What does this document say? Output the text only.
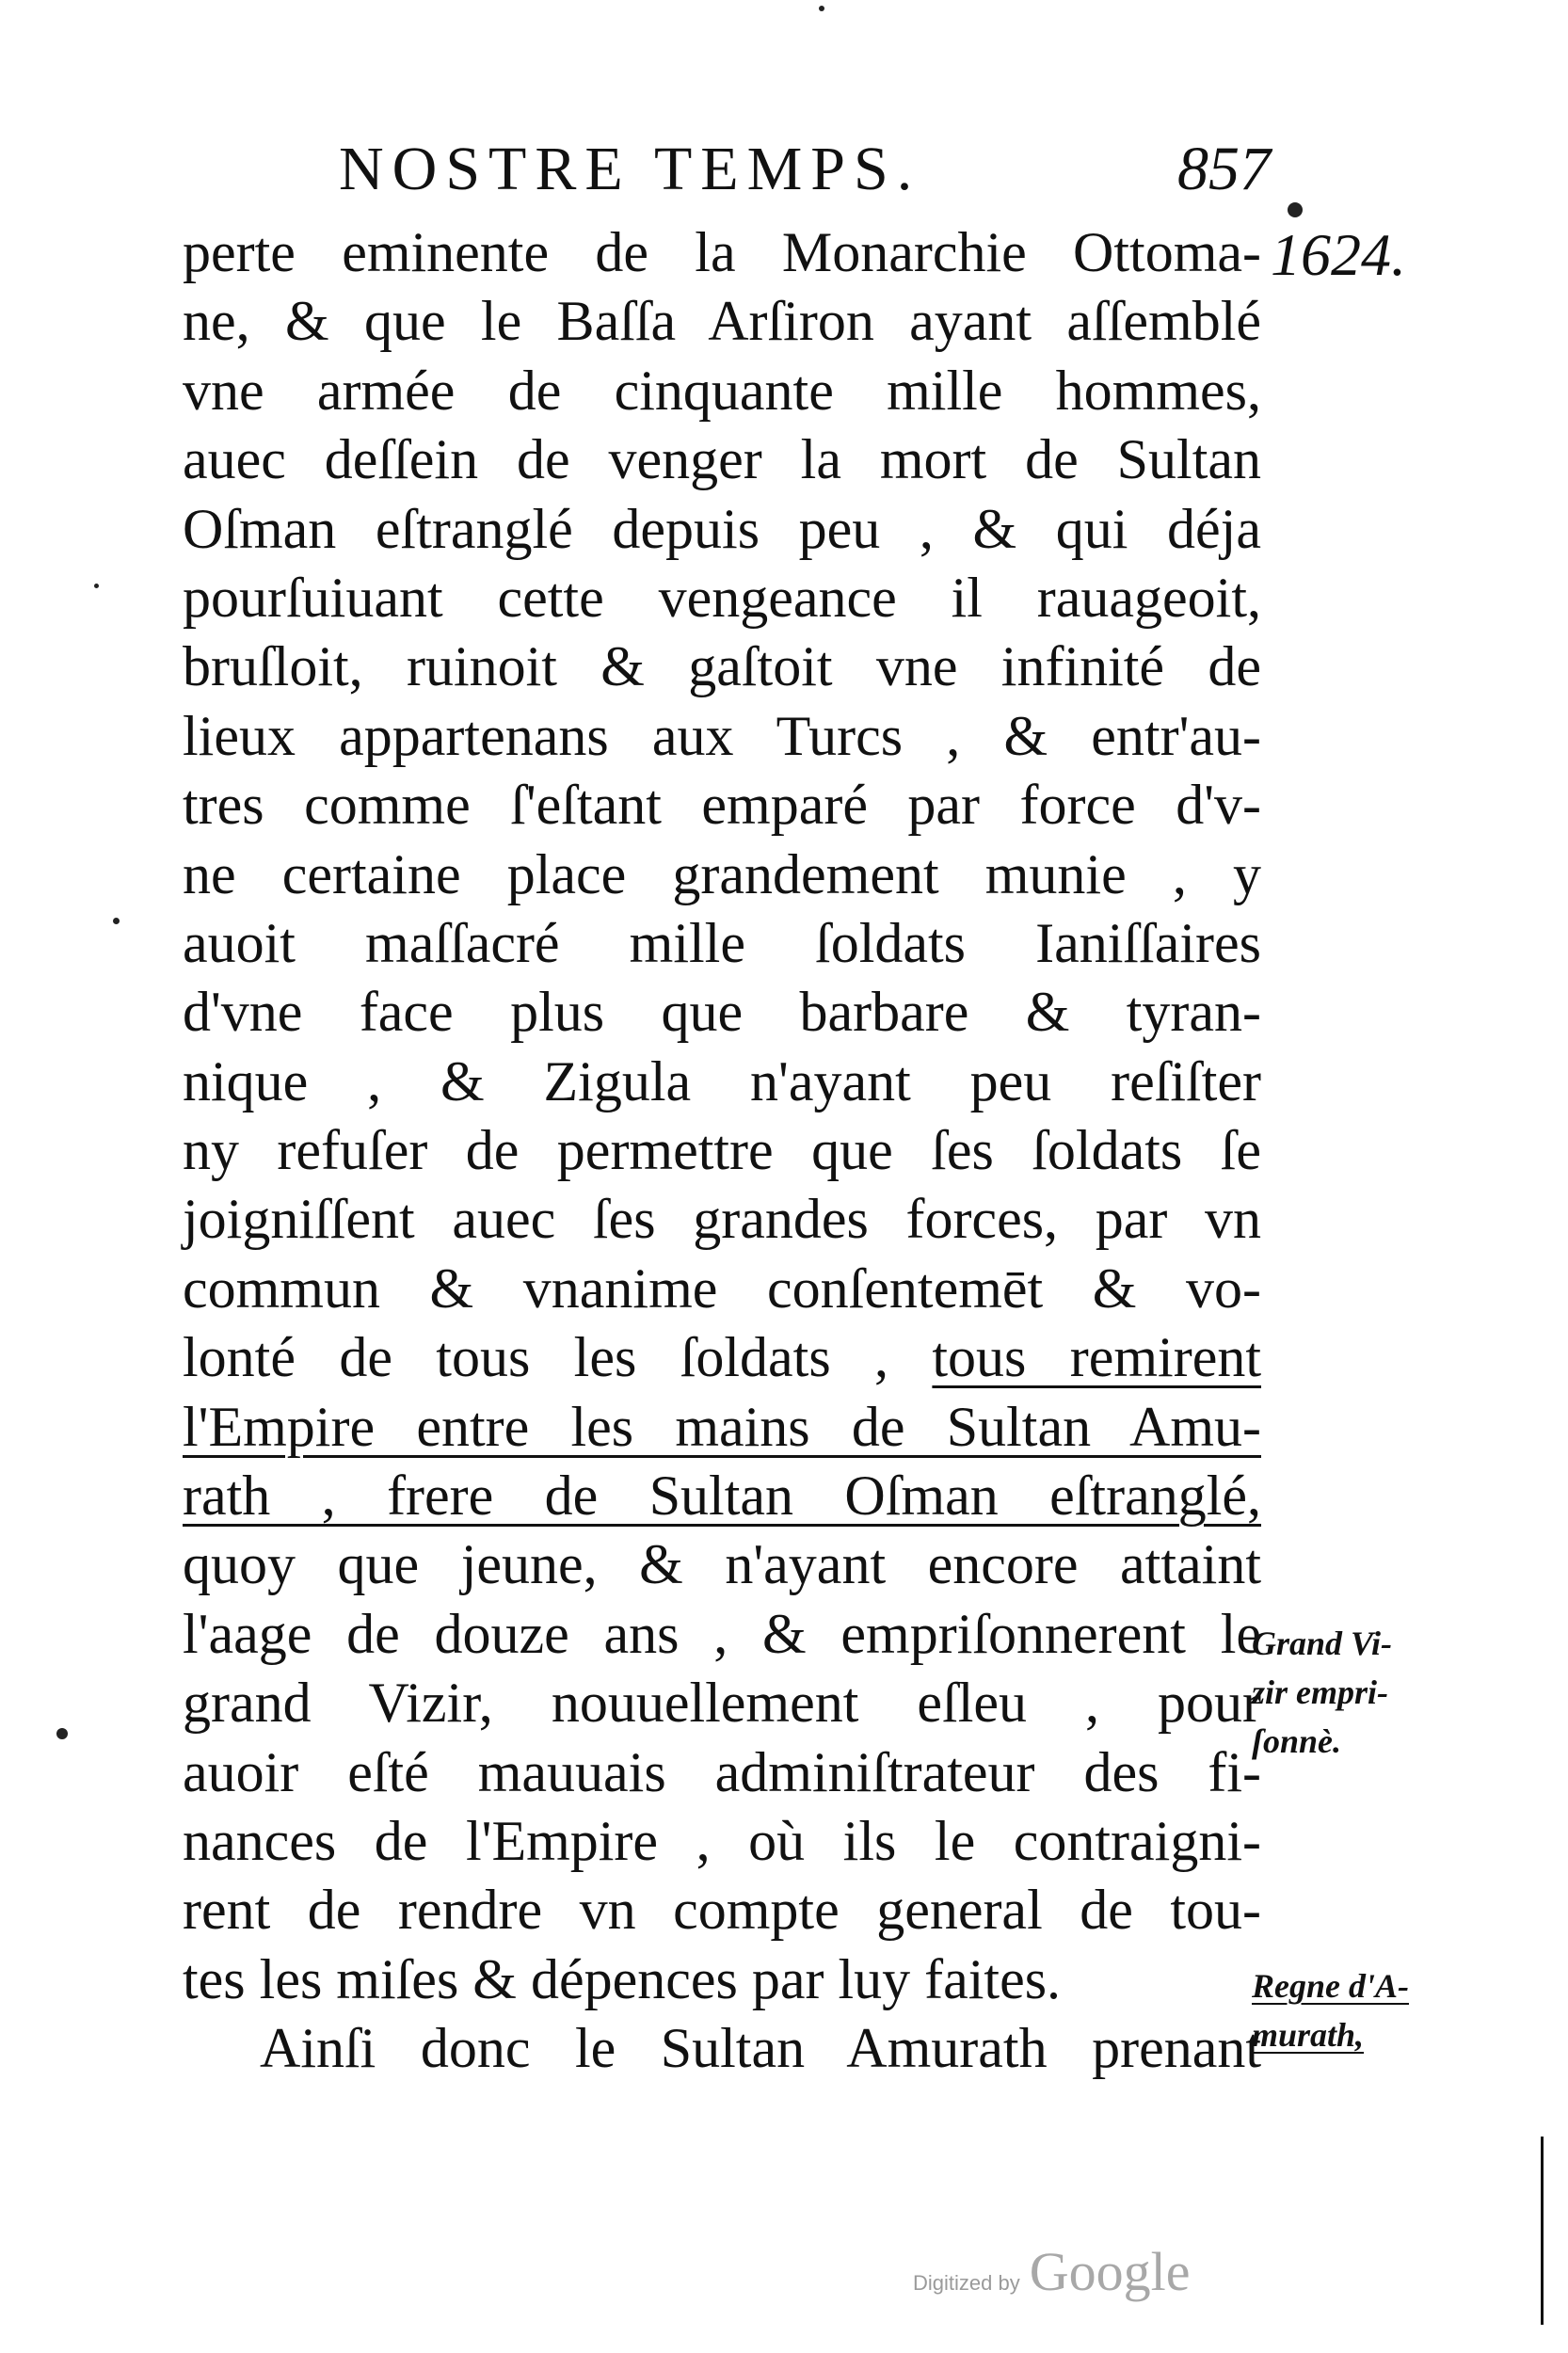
NOSTRE TEMPS.	857
1624.
perte eminente de la Monarchie Ottoma-
ne, & que le Baſſa Arſiron ayant aſſemblé
vne armée de cinquante mille hommes,
auec deſſein de venger la mort de Sultan
Oſman eſtranglé depuis peu , & qui déja
pourſuiuant cette vengeance il rauageoit,
bruſloit, ruinoit & gaſtoit vne infinité de
lieux appartenans aux Turcs , & entr'au-
tres comme ſ'eſtant emparé par force d'v-
ne certaine place grandement munie , y
auoit maſſacré mille ſoldats Ianiſſaires
d'vne face plus que barbare & tyran-
nique , & Zigula n'ayant peu reſiſter
ny refuſer de permettre que ſes ſoldats ſe
joigniſſent auec ſes grandes forces, par vn
commun & vnanime conſentemēt & vo-
lonté de tous les ſoldats , tous remirent
l'Empire entre les mains de Sultan Amu-
rath , frere de Sultan Oſman eſtranglé,
quoy que jeune, & n'ayant encore attaint
l'aage de douze ans , & empriſonnerent le
grand Vizir, nouuellement eſleu , pour
auoir eſté mauuais adminiſtrateur des fi-
nances de l'Empire , où ils le contraigni-
rent de rendre vn compte general de tou-
tes les miſes & dépences par luy faites.
Ainſi donc le Sultan Amurath prenant
Grand Vi-
zir empri-
ſonnè.
Regne d'A-
murath,
Digitized by Google
